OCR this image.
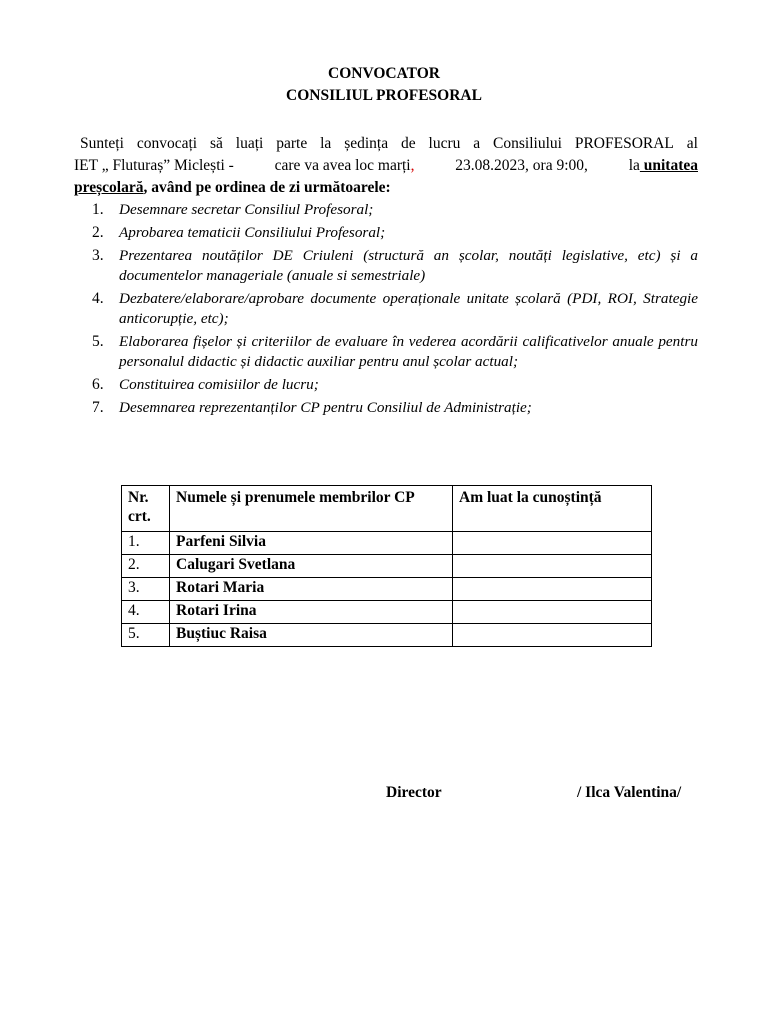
CONVOCATOR
CONSILIUL PROFESORAL
Sunteți convocați să luați parte la ședința de lucru a Consiliului PROFESORAL al
IET „ Fluturaș” Miclești -	care va avea loc marți,	23.08.2023, ora 9:00,	la unitatea
preșcolară, având pe ordinea de zi următoarele:
1. Desemnare secretar Consiliul Profesoral;
2. Aprobarea tematicii Consiliului Profesoral;
3. Prezentarea noutăților DE Criuleni (structură an școlar, noutăți legislative, etc) și a documentelor manageriale (anuale si semestriale)
4. Dezbatere/elaborare/aprobare documente operaționale unitate școlară (PDI, ROI, Strategie anticorupție, etc);
5. Elaborarea fișelor și criteriilor de evaluare în vederea acordării calificativelor anuale pentru personalul didactic și didactic auxiliar pentru anul școlar actual;
6. Constituirea comisiilor de lucru;
7. Desemnarea reprezentanților CP pentru Consiliul de Administrație;
Nr. crt.	Numele și prenumele membrilor CP	Am luat la cunoștință
1.	Parfeni Silvia	
2.	Calugari Svetlana	
3.	Rotari Maria	
4.	Rotari Irina	
5.	Buștiuc Raisa	
Director	/ Ilca Valentina/
